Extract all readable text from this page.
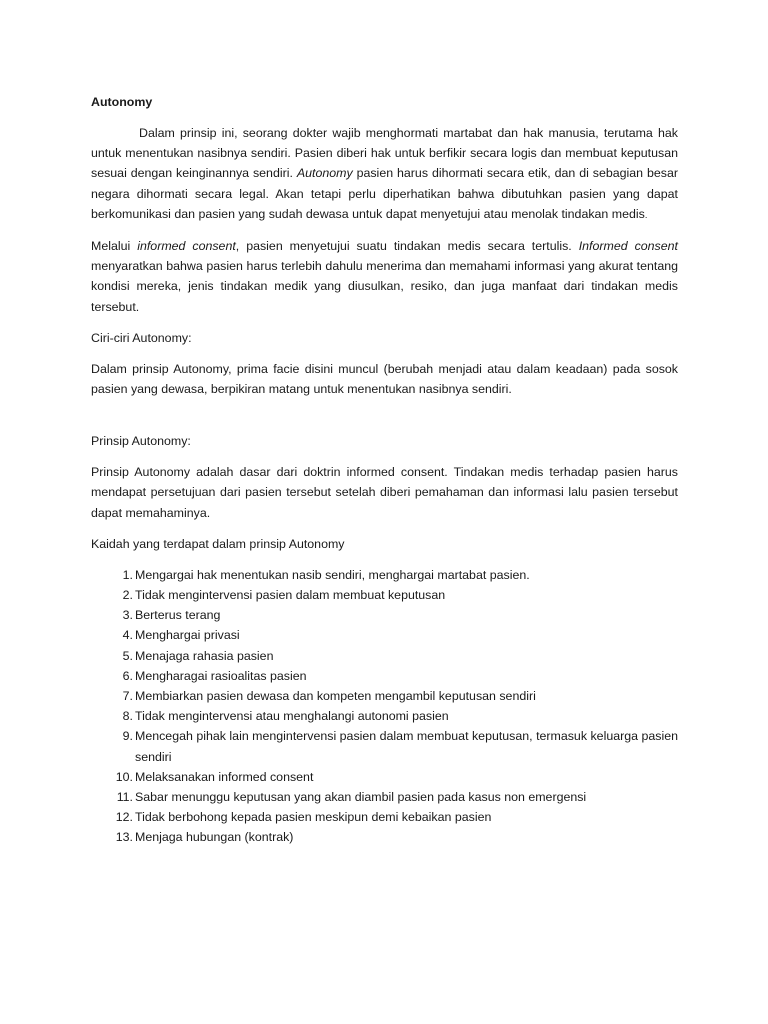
Autonomy

Dalam prinsip ini, seorang dokter wajib menghormati martabat dan hak manusia, terutama hak untuk menentukan nasibnya sendiri. Pasien diberi hak untuk berfikir secara logis dan membuat keputusan sesuai dengan keinginannya sendiri. Autonomy pasien harus dihormati secara etik, dan di sebagian besar negara dihormati secara legal. Akan tetapi perlu diperhatikan bahwa dibutuhkan pasien yang dapat berkomunikasi dan pasien yang sudah dewasa untuk dapat menyetujui atau menolak tindakan medis.

Melalui informed consent, pasien menyetujui suatu tindakan medis secara tertulis. Informed consent menyaratkan bahwa pasien harus terlebih dahulu menerima dan memahami informasi yang akurat tentang kondisi mereka, jenis tindakan medik yang diusulkan, resiko, dan juga manfaat dari tindakan medis tersebut.

Ciri-ciri Autonomy:

Dalam prinsip Autonomy, prima facie disini muncul (berubah menjadi atau dalam keadaan) pada sosok pasien yang dewasa, berpikiran matang untuk menentukan nasibnya sendiri.

Prinsip Autonomy:

Prinsip Autonomy adalah dasar dari doktrin informed consent. Tindakan medis terhadap pasien harus mendapat persetujuan dari pasien tersebut setelah diberi pemahaman dan informasi lalu pasien tersebut dapat memahaminya.

Kaidah yang terdapat dalam prinsip Autonomy
1. Mengargai hak menentukan nasib sendiri, menghargai martabat pasien.
2. Tidak mengintervensi pasien dalam membuat keputusan
3. Berterus terang
4. Menghargai privasi
5. Menajaga rahasia pasien
6. Mengharagai rasioalitas pasien
7. Membiarkan pasien dewasa dan kompeten mengambil keputusan sendiri
8. Tidak mengintervensi atau menghalangi autonomi pasien
9. Mencegah pihak lain mengintervensi pasien dalam membuat keputusan, termasuk keluarga pasien sendiri
10. Melaksanakan informed consent
11. Sabar menunggu keputusan yang akan diambil pasien pada kasus non emergensi
12. Tidak berbohong kepada pasien meskipun demi kebaikan pasien
13. Menjaga hubungan (kontrak)
